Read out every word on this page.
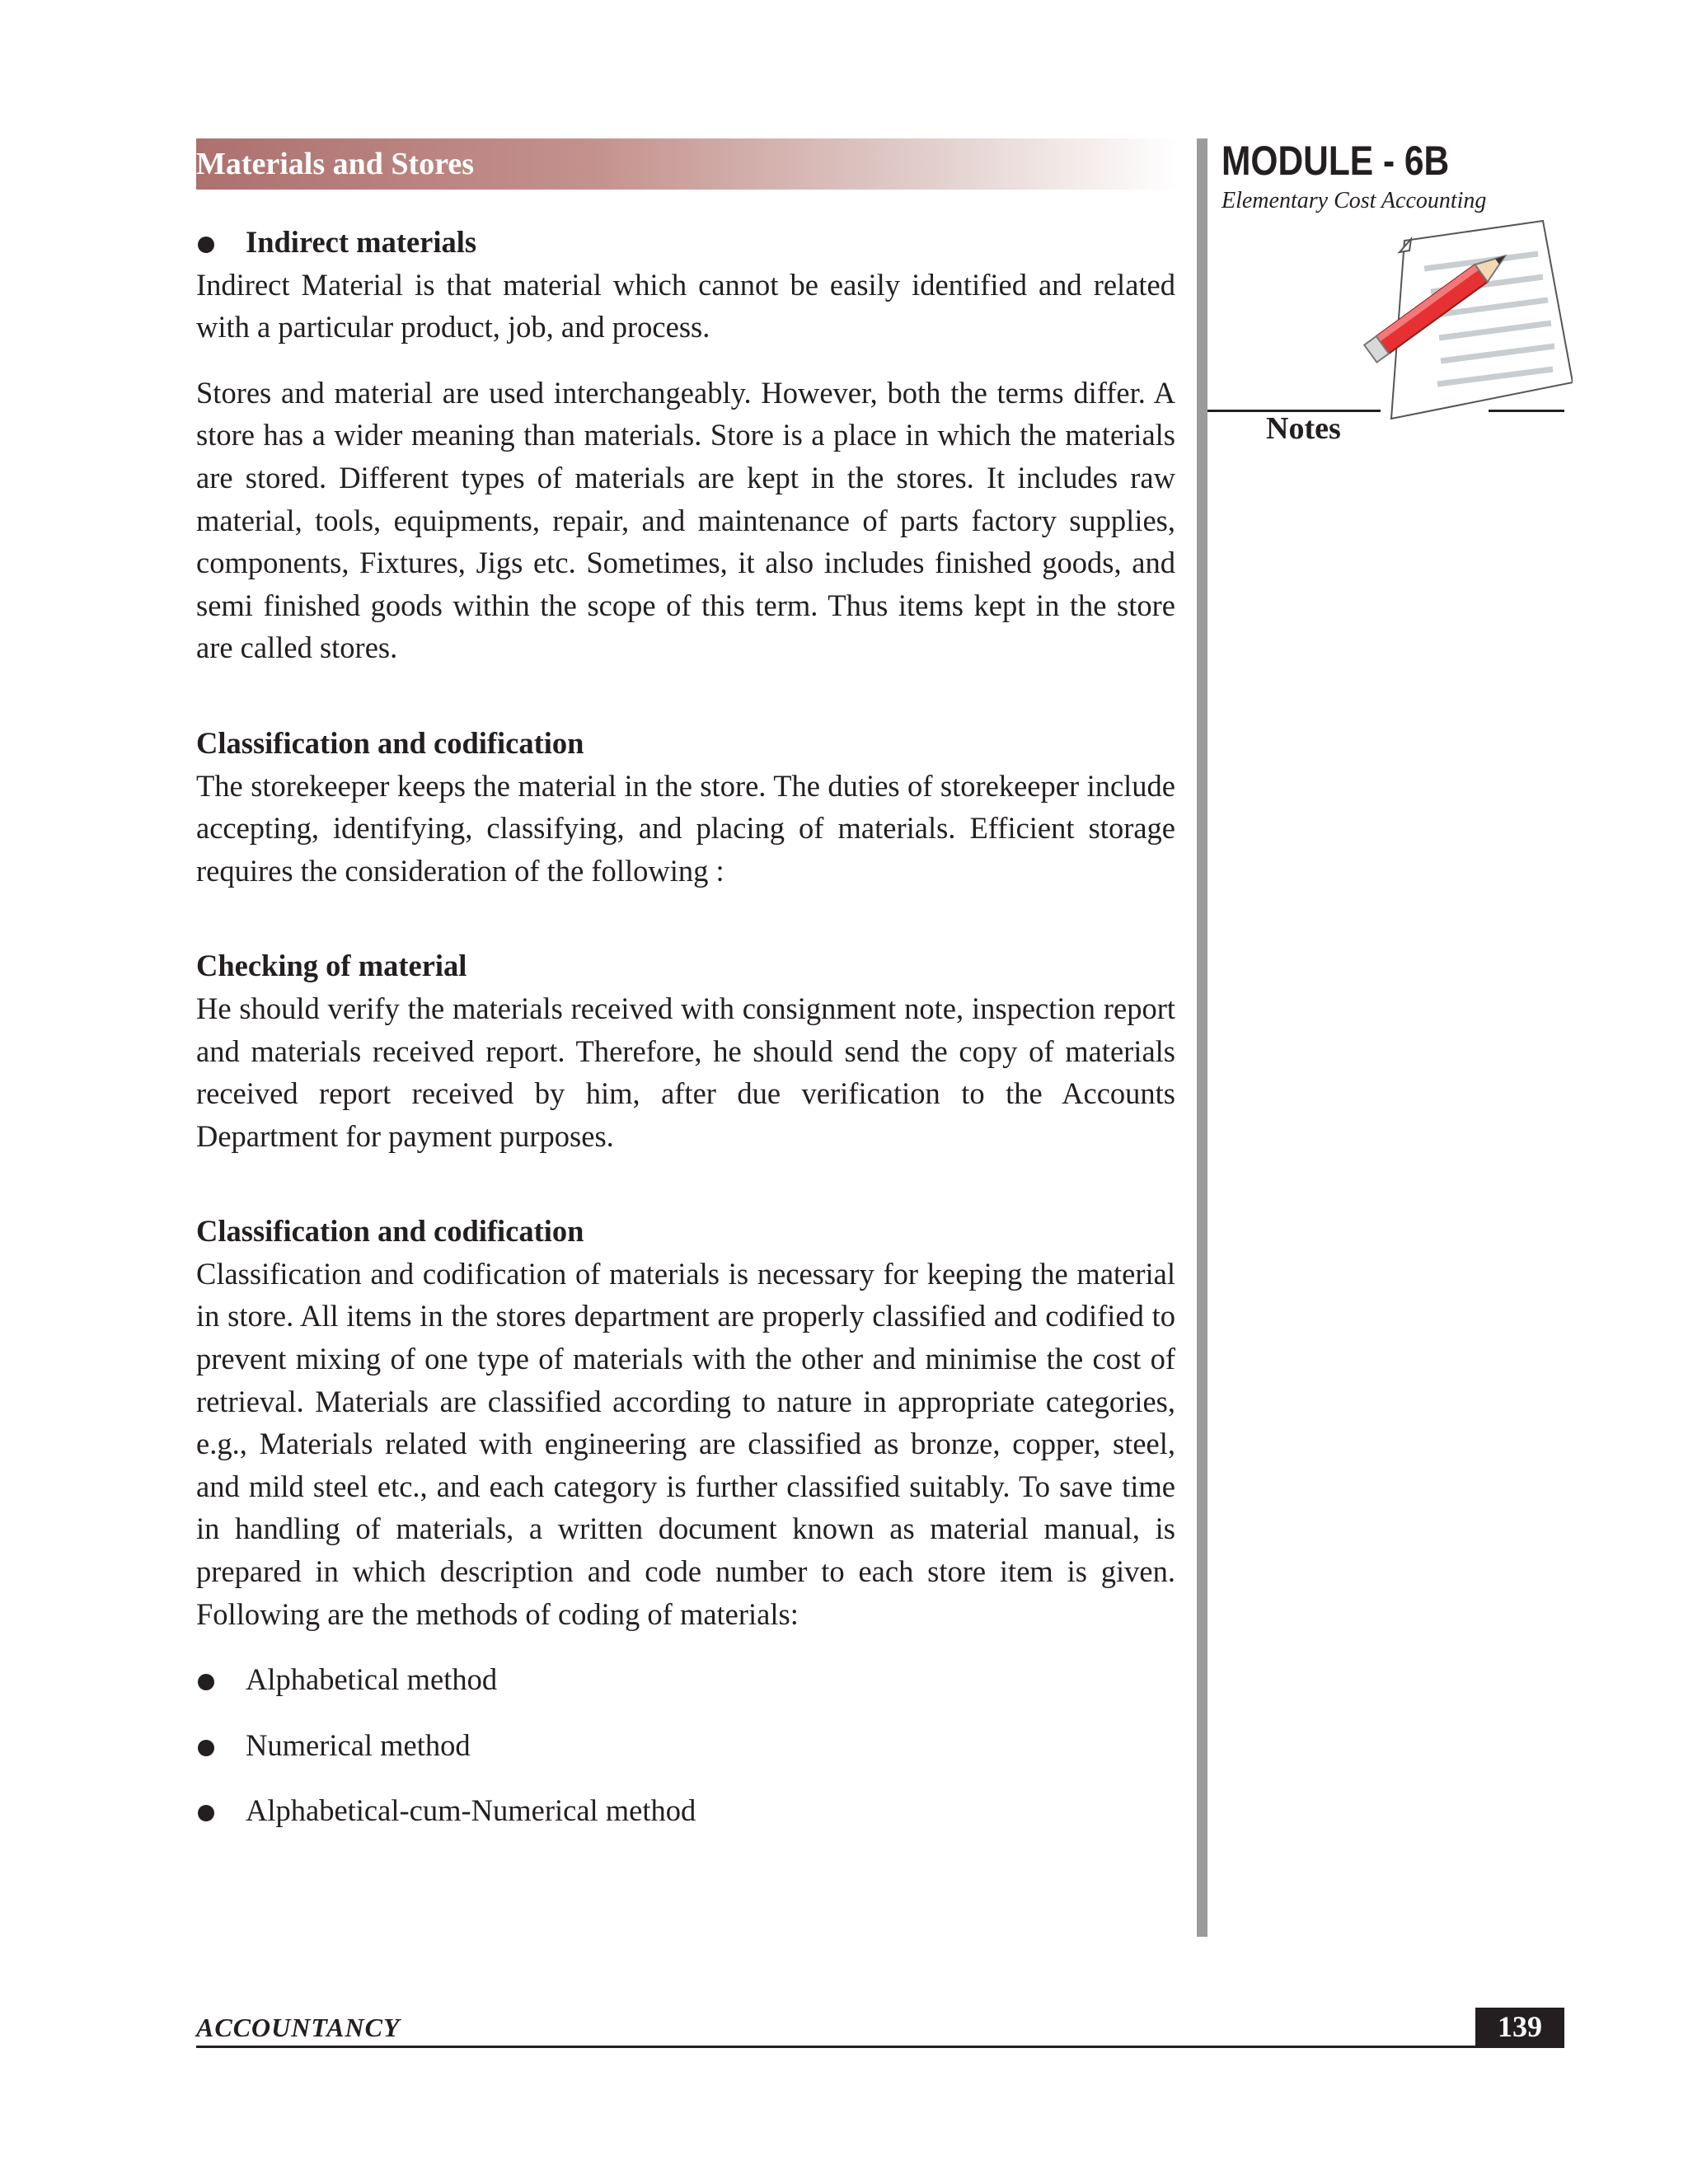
Materials and Stores	MODULE - 6B
Elementary Cost Accounting
Notes

Indirect materials

Indirect Material is that material which cannot be easily identified and related with a particular product, job, and process.

Stores and material are used interchangeably. However, both the terms differ. A store has a wider meaning than materials. Store is a place in which the materials are stored. Different types of materials are kept in the stores. It includes raw material, tools, equipments, repair, and maintenance of parts factory supplies, components, Fixtures, Jigs etc. Sometimes, it also includes finished goods, and semi finished goods within the scope of this term. Thus items kept in the store are called stores.

Classification and codification

The storekeeper keeps the material in the store. The duties of storekeeper include accepting, identifying, classifying, and placing of materials. Efficient storage requires the consideration of the following :

Checking of material

He should verify the materials received with consignment note, inspection report and materials received report. Therefore, he should send the copy of materials received report received by him, after due verification to the Accounts Department for payment purposes.

Classification and codification

Classification and codification of materials is necessary for keeping the material in store. All items in the stores department are properly classified and codified to prevent mixing of one type of materials with the other and minimise the cost of retrieval. Materials are classified according to nature in appropriate categories, e.g., Materials related with engineering are classified as bronze, copper, steel, and mild steel etc., and each category is further classified suitably. To save time in handling of materials, a written document known as material manual, is prepared in which description and code number to each store item is given. Following are the methods of coding of materials:

Alphabetical method
Numerical method
Alphabetical-cum-Numerical method
ACCOUNTANCY	139
